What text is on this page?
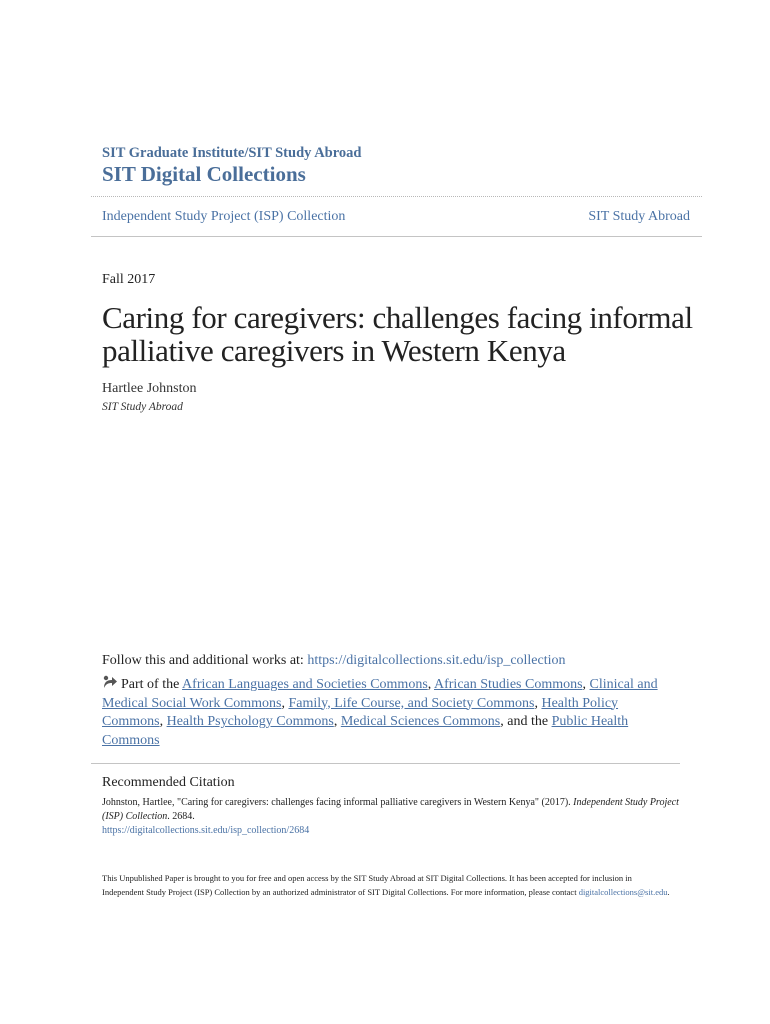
SIT Graduate Institute/SIT Study Abroad
SIT Digital Collections
Independent Study Project (ISP) Collection	SIT Study Abroad
Fall 2017
Caring for caregivers: challenges facing informal palliative caregivers in Western Kenya
Hartlee Johnston
SIT Study Abroad
Follow this and additional works at: https://digitalcollections.sit.edu/isp_collection
Part of the African Languages and Societies Commons, African Studies Commons, Clinical and Medical Social Work Commons, Family, Life Course, and Society Commons, Health Policy Commons, Health Psychology Commons, Medical Sciences Commons, and the Public Health Commons
Recommended Citation
Johnston, Hartlee, "Caring for caregivers: challenges facing informal palliative caregivers in Western Kenya" (2017). Independent Study Project (ISP) Collection. 2684.
https://digitalcollections.sit.edu/isp_collection/2684
This Unpublished Paper is brought to you for free and open access by the SIT Study Abroad at SIT Digital Collections. It has been accepted for inclusion in Independent Study Project (ISP) Collection by an authorized administrator of SIT Digital Collections. For more information, please contact digitalcollections@sit.edu.
